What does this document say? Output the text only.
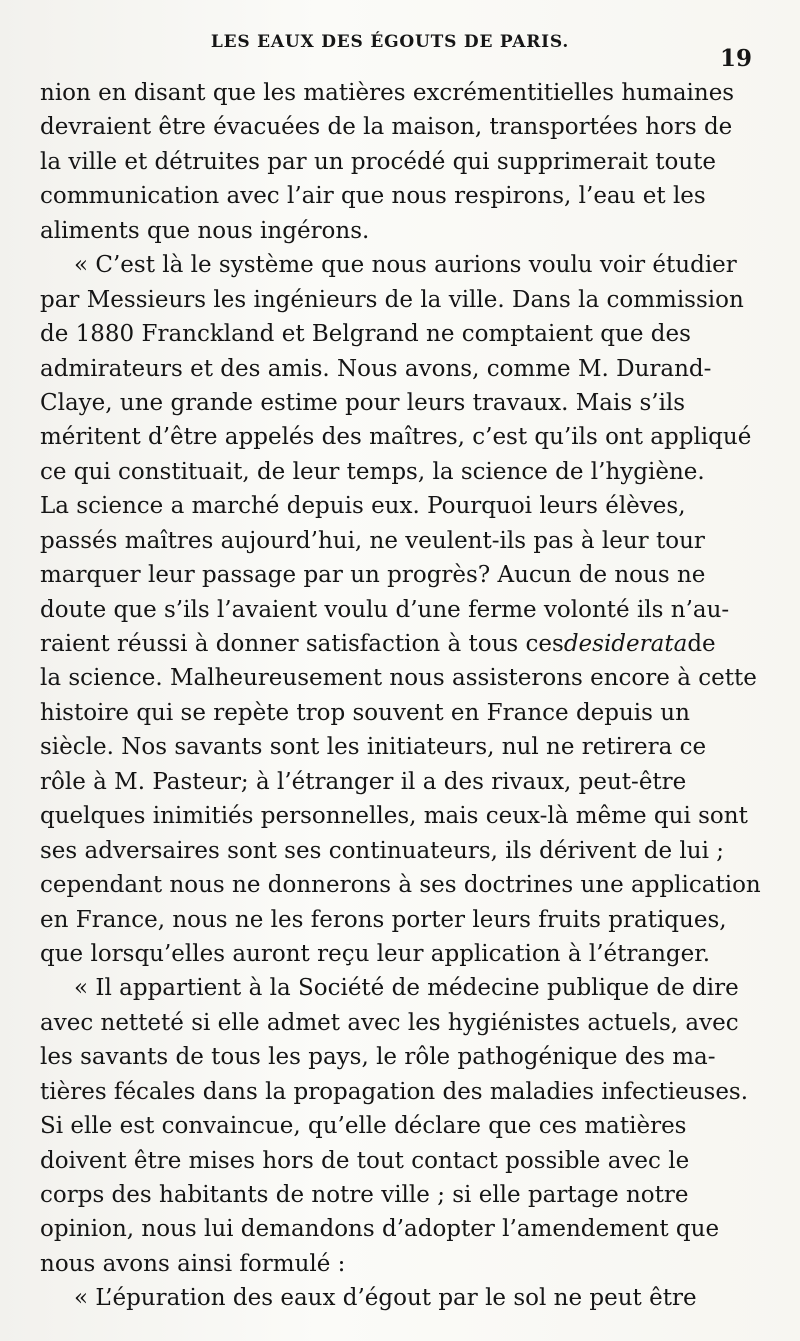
LES EAUX DES ÉGOUTS DE PARIS.
19
nion en disant que les matières excrémentitielles humaines
devraient être évacuées de la maison, transportées hors de
la ville et détruites par un procédé qui supprimerait toute
communication avec l’air que nous respirons, l’eau et les
aliments que nous ingérons.
« C’est là le système que nous aurions voulu voir étudier
par Messieurs les ingénieurs de la ville. Dans la commission
de 1880 Franckland et Belgrand ne comptaient que des
admirateurs et des amis. Nous avons, comme M. Durand-
Claye, une grande estime pour leurs travaux. Mais s’ils
méritent d’être appelés des maîtres, c’est qu’ils ont appliqué
ce qui constituait, de leur temps, la science de l’hygiène.
La science a marché depuis eux. Pourquoi leurs élèves,
passés maîtres aujourd’hui, ne veulent-ils pas à leur tour
marquer leur passage par un progrès? Aucun de nous ne
doute que s’ils l’avaient voulu d’une ferme volonté ils n’au-
raient réussi à donner satisfaction à tous cesdesideratade
la science. Malheureusement nous assisterons encore à cette
histoire qui se repète trop souvent en France depuis un
siècle. Nos savants sont les initiateurs, nul ne retirera ce
rôle à M. Pasteur; à l’étranger il a des rivaux, peut-être
quelques inimitiés personnelles, mais ceux-là même qui sont
ses adversaires sont ses continuateurs, ils dérivent de lui ;
cependant nous ne donnerons à ses doctrines une application
en France, nous ne les ferons porter leurs fruits pratiques,
que lorsqu’elles auront reçu leur application à l’étranger.
« Il appartient à la Société de médecine publique de dire
avec netteté si elle admet avec les hygiénistes actuels, avec
les savants de tous les pays, le rôle pathogénique des ma-
tières fécales dans la propagation des maladies infectieuses.
Si elle est convaincue, qu’elle déclare que ces matières
doivent être mises hors de tout contact possible avec le
corps des habitants de notre ville ; si elle partage notre
opinion, nous lui demandons d’adopter l’amendement que
nous avons ainsi formulé :
« L’épuration des eaux d’égout par le sol ne peut être
